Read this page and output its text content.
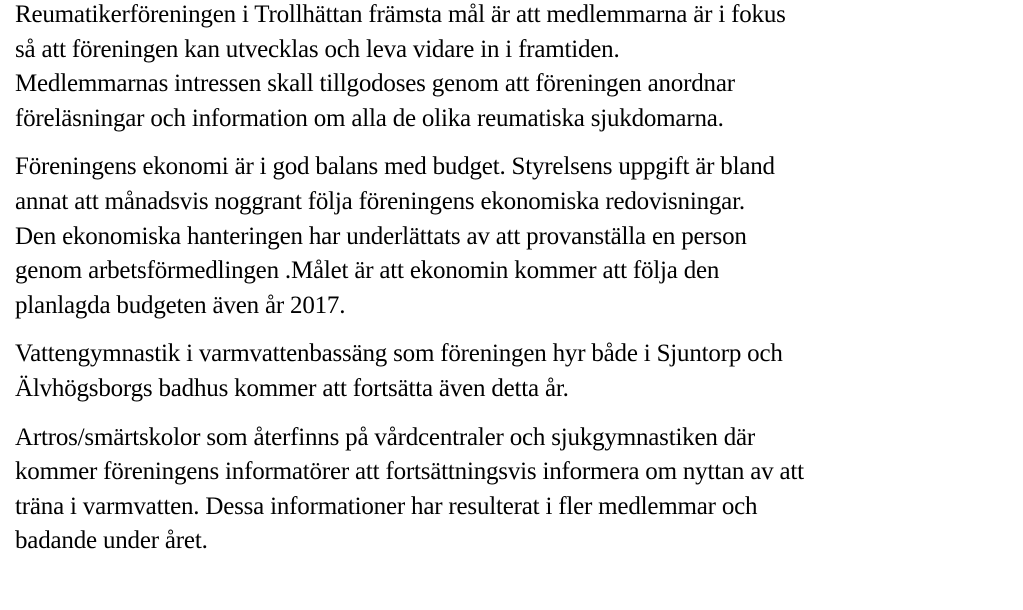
Reumatikerföreningen i Trollhättan främsta mål är att medlemmarna är i fokus
så att föreningen kan utvecklas och leva vidare in i framtiden.
Medlemmarnas intressen skall tillgodoses genom att föreningen anordnar
föreläsningar och information om alla de olika reumatiska sjukdomarna.

Föreningens ekonomi är i god balans med budget. Styrelsens uppgift är bland
annat att månadsvis noggrant följa föreningens ekonomiska redovisningar.
Den ekonomiska hanteringen har underlättats av att provanställa en person
genom arbetsförmedlingen .Målet är att ekonomin kommer att följa den
planlagda budgeten även år 2017.

Vattengymnastik i varmvattenbassäng som föreningen hyr både i Sjuntorp och
Älvhögsborgs badhus kommer att fortsätta även detta år.

Artros/smärtskolor som återfinns på vårdcentraler och sjukgymnastiken där
kommer föreningens informatörer att fortsättningsvis informera om nyttan av att
träna i varmvatten. Dessa informationer har resulterat i fler medlemmar och
badande under året.
